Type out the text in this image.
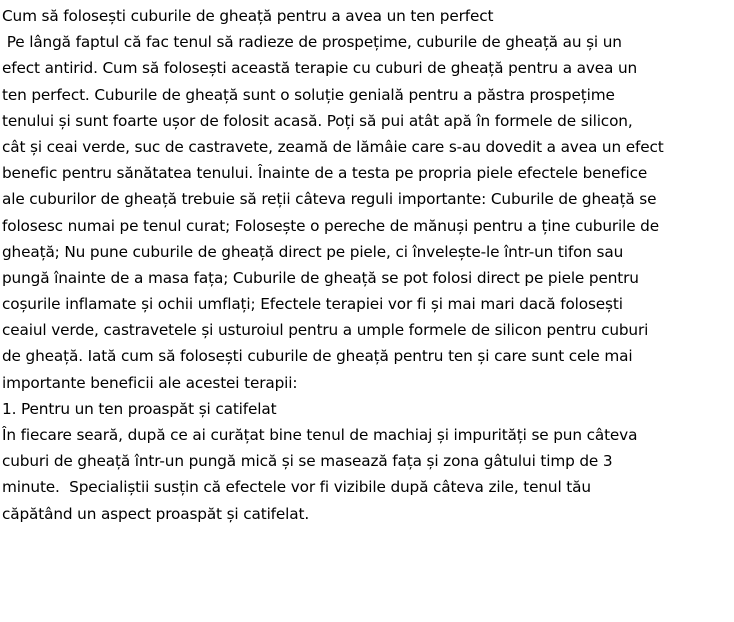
Cum să folosești cuburile de gheață pentru a avea un ten perfect
Pe lângă faptul că fac tenul să radieze de prospețime, cuburile de gheață au și un
efect antirid. Cum să folosești această terapie cu cuburi de gheață pentru a avea un
ten perfect. Cuburile de gheață sunt o soluție genială pentru a păstra prospețime
tenului și sunt foarte ușor de folosit acasă. Poți să pui atât apă în formele de silicon,
cât și ceai verde, suc de castravete, zeamă de lămâie care s-au dovedit a avea un efect
benefic pentru sănătatea tenului. Înainte de a testa pe propria piele efectele benefice
ale cuburilor de gheață trebuie să reții câteva reguli importante: Cuburile de gheață se
folosesc numai pe tenul curat; Folosește o pereche de mănuși pentru a ține cuburile de
gheață; Nu pune cuburile de gheață direct pe piele, ci învelește-le într-un tifon sau
pungă înainte de a masa fața; Cuburile de gheață se pot folosi direct pe piele pentru
coșurile inflamate și ochii umflați; Efectele terapiei vor fi și mai mari dacă folosești
ceaiul verde, castravetele și usturoiul pentru a umple formele de silicon pentru cuburi
de gheață. Iată cum să folosești cuburile de gheață pentru ten și care sunt cele mai
importante beneficii ale acestei terapii:
1. Pentru un ten proaspăt și catifelat
În fiecare seară, după ce ai curățat bine tenul de machiaj și impurități se pun câteva
cuburi de gheață într-un pungă mică și se masează fața și zona gâtului timp de 3
minute.  Specialiștii susțin că efectele vor fi vizibile după câteva zile, tenul tău
căpătând un aspect proaspăt și catifelat.
